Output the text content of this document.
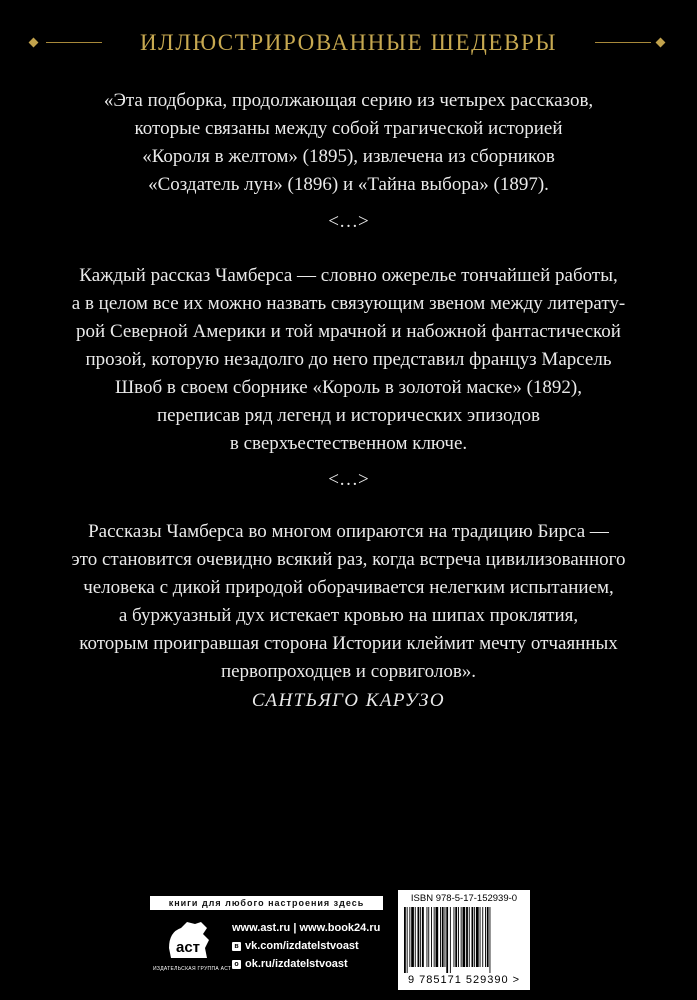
ИЛЛЮСТРИРОВАННЫЕ ШЕДЕВРЫ
«Эта подборка, продолжающая серию из четырех рассказов,
которые связаны между собой трагической историей
«Короля в желтом» (1895), извлечена из сборников
«Создатель лун» (1896) и «Тайна выбора» (1897).
<…>
Каждый рассказ Чамберса — словно ожерелье тончайшей работы,
а в целом все их можно назвать связующим звеном между литерату-
рой Северной Америки и той мрачной и набожной фантастической
прозой, которую незадолго до него представил француз Марсель
Швоб в своем сборнике «Король в золотой маске» (1892),
переписав ряд легенд и исторических эпизодов
в сверхъестественном ключе.
<…>
Рассказы Чамберса во многом опираются на традицию Бирса —
это становится очевидно всякий раз, когда встреча цивилизованного
человека с дикой природой оборачивается нелегким испытанием,
а буржуазный дух истекает кровью на шипах проклятия,
которым проигравшая сторона Истории клеймит мечту отчаянных
первопроходцев и сорвиголов».
САНТЬЯГО КАРУЗО
книги для любого настроения здесь
аст
ИЗДАТЕЛЬСКАЯ ГРУППА АСТ
www.ast.ru | www.book24.ru
в vk.com/izdatelstvoast
о ok.ru/izdatelstvoast
ISBN 978-5-17-152939-0
9 785171 529390 >
